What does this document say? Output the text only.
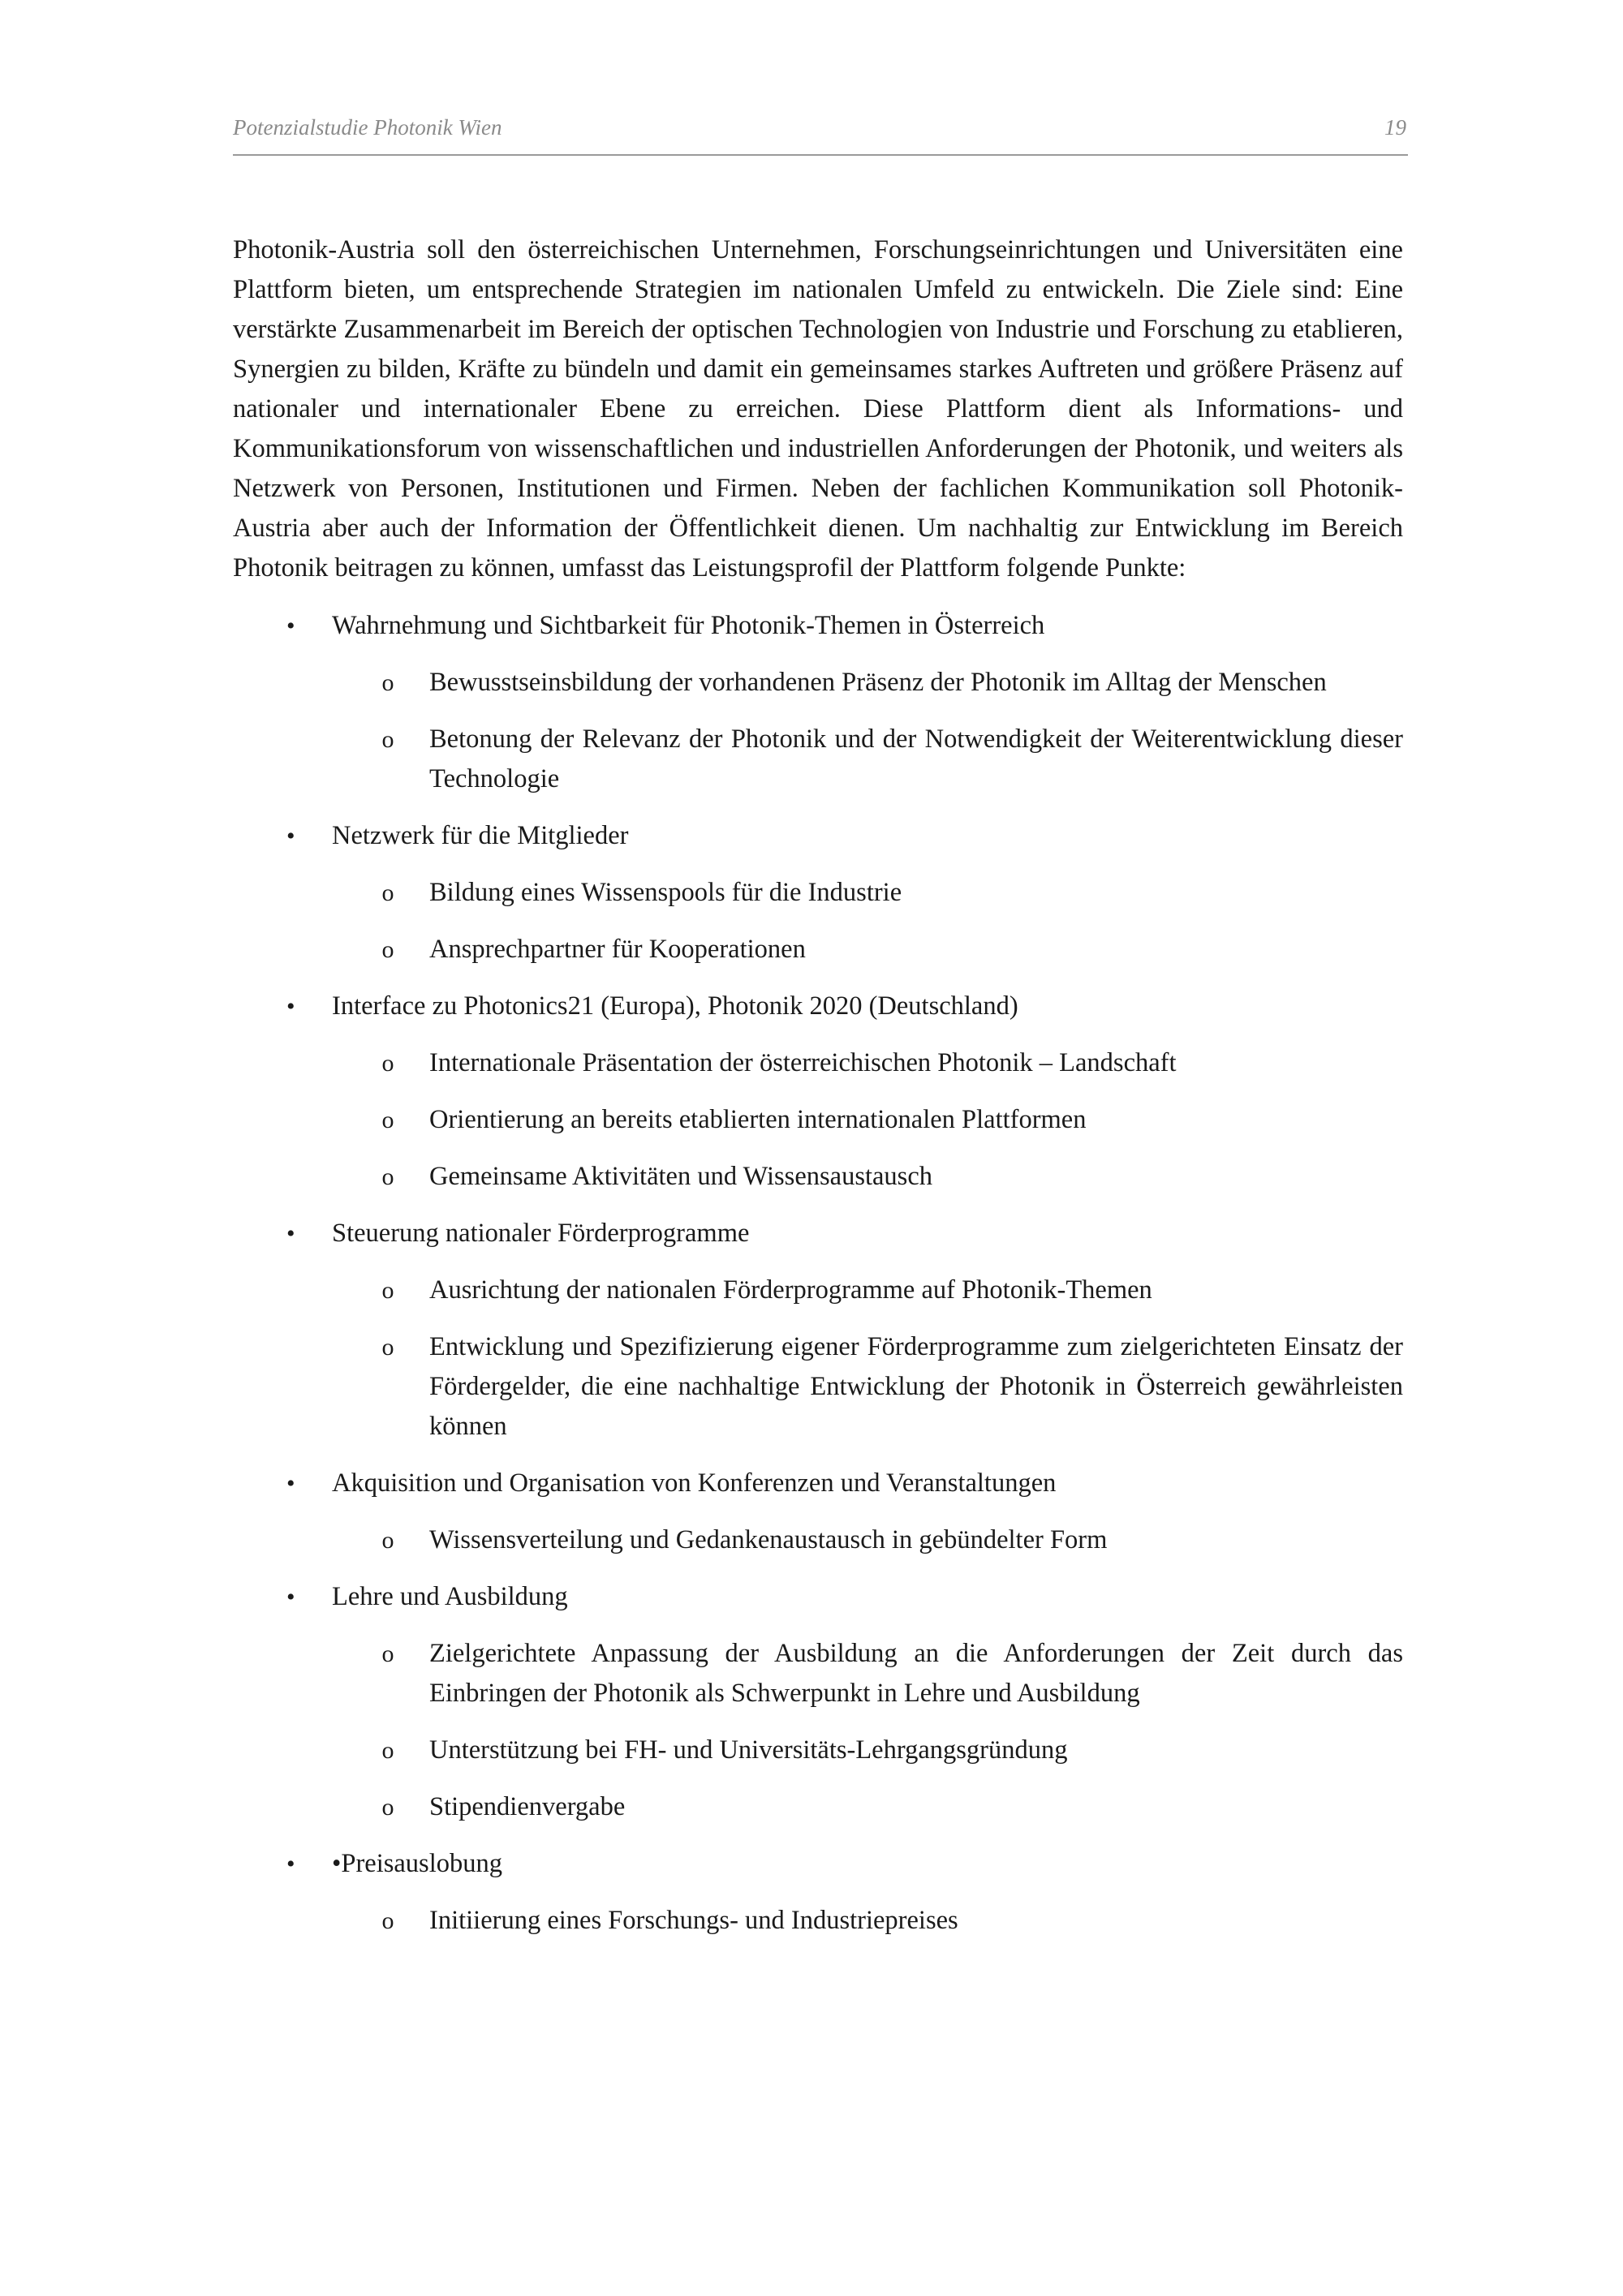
Potenzialstudie Photonik Wien	19

Photonik-Austria soll den österreichischen Unternehmen, Forschungseinrichtungen und Universitäten eine Plattform bieten, um entsprechende Strategien im nationalen Umfeld zu entwickeln. Die Ziele sind: Eine verstärkte Zusammenarbeit im Bereich der optischen Technologien von Industrie und Forschung zu etablieren, Synergien zu bilden, Kräfte zu bündeln und damit ein gemeinsames starkes Auftreten und größere Präsenz auf nationaler und internationaler Ebene zu erreichen. Diese Plattform dient als Informations- und Kommunikationsforum von wissenschaftlichen und industriellen Anforderungen der Photonik, und weiters als Netzwerk von Personen, Institutionen und Firmen. Neben der fachlichen Kommunikation soll Photonik-Austria aber auch der Information der Öffentlichkeit dienen. Um nachhaltig zur Entwicklung im Bereich Photonik beitragen zu können, umfasst das Leistungsprofil der Plattform folgende Punkte:

• Wahrnehmung und Sichtbarkeit für Photonik-Themen in Österreich
o Bewusstseinsbildung der vorhandenen Präsenz der Photonik im Alltag der Menschen
o Betonung der Relevanz der Photonik und der Notwendigkeit der Weiterentwicklung dieser Technologie
• Netzwerk für die Mitglieder
o Bildung eines Wissenspools für die Industrie
o Ansprechpartner für Kooperationen
• Interface zu Photonics21 (Europa), Photonik 2020 (Deutschland)
o Internationale Präsentation der österreichischen Photonik – Landschaft
o Orientierung an bereits etablierten internationalen Plattformen
o Gemeinsame Aktivitäten und Wissensaustausch
• Steuerung nationaler Förderprogramme
o Ausrichtung der nationalen Förderprogramme auf Photonik-Themen
o Entwicklung und Spezifizierung eigener Förderprogramme zum zielgerichteten Einsatz der Fördergelder, die eine nachhaltige Entwicklung der Photonik in Österreich gewährleisten können
• Akquisition und Organisation von Konferenzen und Veranstaltungen
o Wissensverteilung und Gedankenaustausch in gebündelter Form
• Lehre und Ausbildung
o Zielgerichtete Anpassung der Ausbildung an die Anforderungen der Zeit durch das Einbringen der Photonik als Schwerpunkt in Lehre und Ausbildung
o Unterstützung bei FH- und Universitäts-Lehrgangsgründung
o Stipendienvergabe
• •Preisauslobung
o Initiierung eines Forschungs- und Industriepreises
